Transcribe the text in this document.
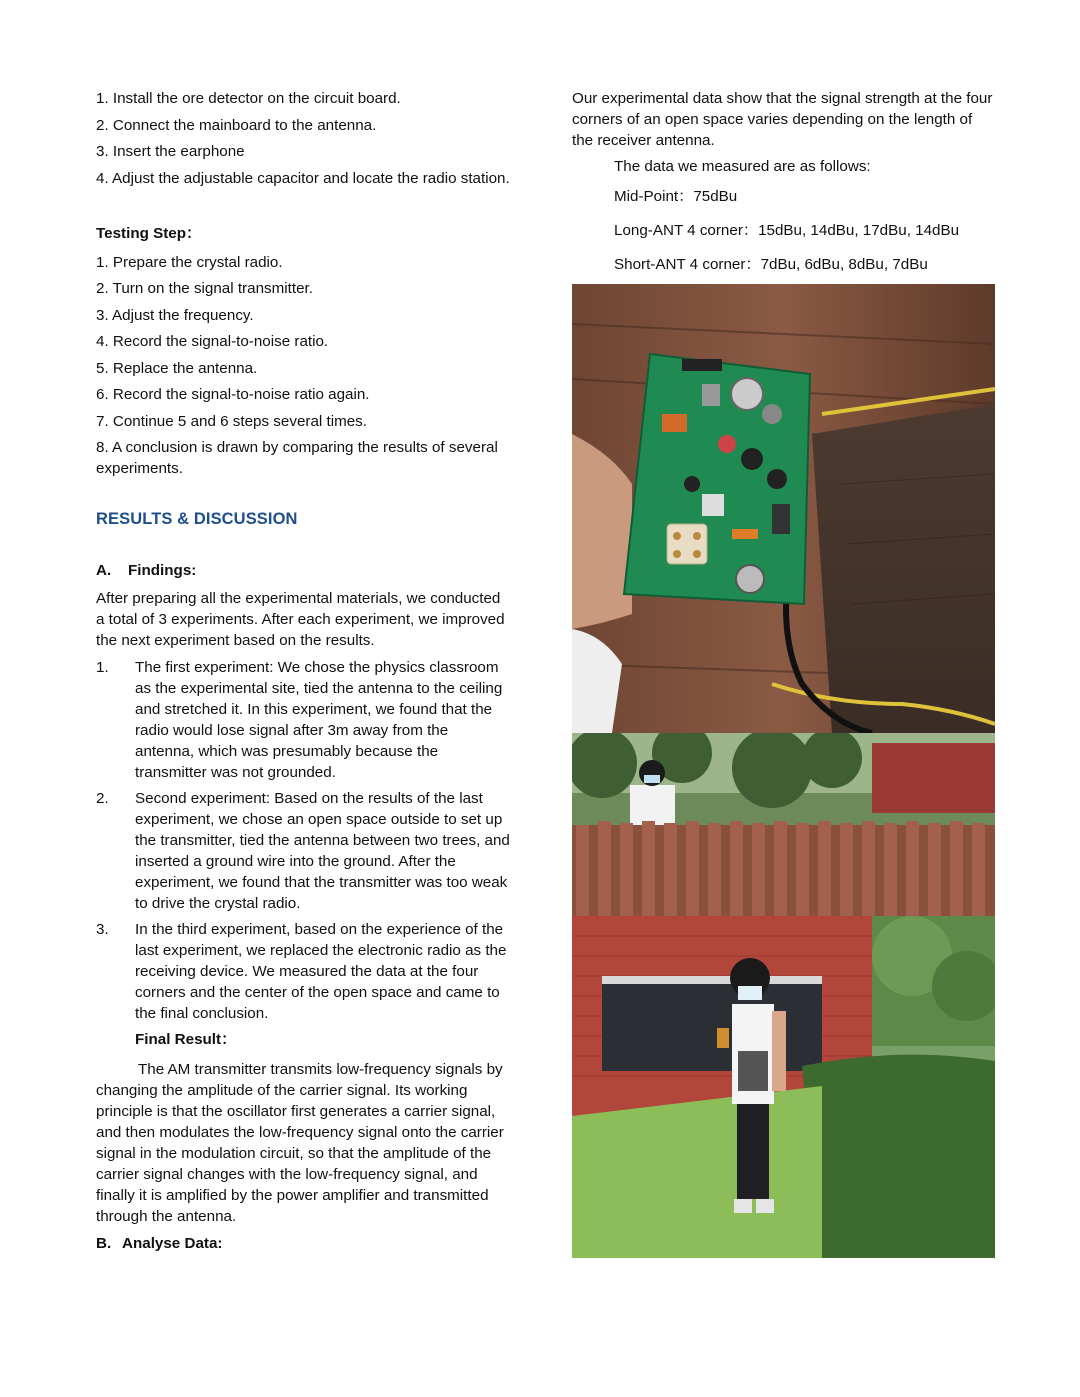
1. Install the ore detector on the circuit board.

2. Connect the mainboard to the antenna.

3. Insert the earphone

4. Adjust the adjustable capacitor and locate the radio station.

Testing Step：

1. Prepare the crystal radio.

2. Turn on the signal transmitter.

3. Adjust the frequency.

4. Record the signal-to-noise ratio.

5. Replace the antenna.

6. Record the signal-to-noise ratio again.

7. Continue 5 and 6 steps several times.

8. A conclusion is drawn by comparing the results of several experiments.

RESULTS & DISCUSSION

A. Findings:

After preparing all the experimental materials, we conducted a total of 3 experiments. After each experiment, we improved the next experiment based on the results.

1.	The first experiment: We chose the physics classroom as the experimental site, tied the antenna to the ceiling and stretched it. In this experiment, we found that the radio would lose signal after 3m away from the antenna, which was presumably because the transmitter was not grounded.
2.	Second experiment: Based on the results of the last experiment, we chose an open space outside to set up the transmitter, tied the antenna between two trees, and inserted a ground wire into the ground. After the experiment, we found that the transmitter was too weak to drive the crystal radio.
3.	In the third experiment, based on the experience of the last experiment, we replaced the electronic radio as the receiving device. We measured the data at the four corners and the center of the open space and came to the final conclusion.

Final Result：

The AM transmitter transmits low-frequency signals by changing the amplitude of the carrier signal. Its working principle is that the oscillator first generates a carrier signal, and then modulates the low-frequency signal onto the carrier signal in the modulation circuit, so that the amplitude of the carrier signal changes with the low-frequency signal, and finally it is amplified by the power amplifier and transmitted through the antenna.

B. Analyse Data:

Our experimental data show that the signal strength at the four corners of an open space varies depending on the length of the receiver antenna.

The data we measured are as follows:

Mid-Point：75dBu

Long-ANT 4 corner：15dBu, 14dBu, 17dBu, 14dBu

Short-ANT 4 corner：7dBu, 6dBu, 8dBu, 7dBu
